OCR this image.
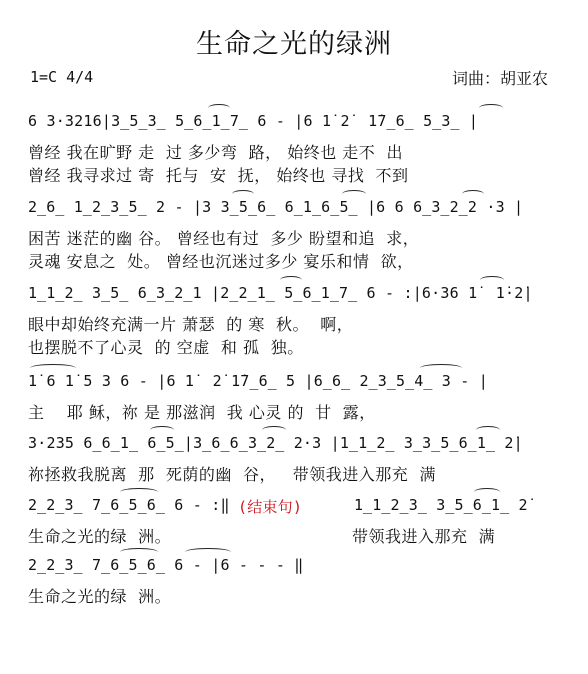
生命之光的绿洲
1=C 4/4	词曲：胡亚农
6 3·3216|3̲5̲3̲ 5̲6̲1̲7̲ 6 - |6 1̇ 2̇  1̇7̲6̲ 5̲3̲ |
曾经 我在旷野 走  过 多少弯  路， 始终也 走不  出
曾经 我寻求过 寄  托与  安  抚， 始终也 寻找  不到
2̲6̲ 1̲2̲3̲5̲ 2 - |3 3̲5̲6̲ 6̲1̲6̲5̲ |6 6 6̲3̲2̲2 ·3 |
困苦 迷茫的幽 谷。 曾经也有过  多少 盼望和追  求，
灵魂 安息之  处。 曾经也沉迷过多少 宴乐和情  欲，
1̲1̲2̲ 3̲5̲ 6̲3̲2̲1 |2̲2̲1̲ 5̲6̲1̲7̲ 6 - :|6·36 1̇  1̇·2̇|
眼中却始终充满一片 萧瑟  的 寒  秋。  啊，
也摆脱不了心灵  的 空虚  和 孤  独。
1̇ 6 1̇ 5 3 6 - |6 1̇  2̇ 1̇7̲6̲ 5 |6̲6̲ 2̲3̲5̲4̲ 3 - |
主    耶 稣，祢 是 那滋润  我 心灵 的  甘  露，
3·235 6̲6̲1̲ 6̲5̲|3̲6̲6̲3̲2̲ 2·3 |1̲1̲2̲ 3̲3̲5̲6̲1̲ 2̇|
祢拯救我脱离  那  死荫的幽  谷，   带领我进入那充  满
2̲2̲3̲ 7̲6̲5̲6̲ 6 - :‖ (结束句)	1̲1̲2̲3̲ 3̲5̲6̲1̲ 2̇
生命之光的绿  洲。	带领我进入那充  满
2̲2̲3̲ 7̲6̲5̲6̲ 6 - |6 - - - ‖
生命之光的绿  洲。
